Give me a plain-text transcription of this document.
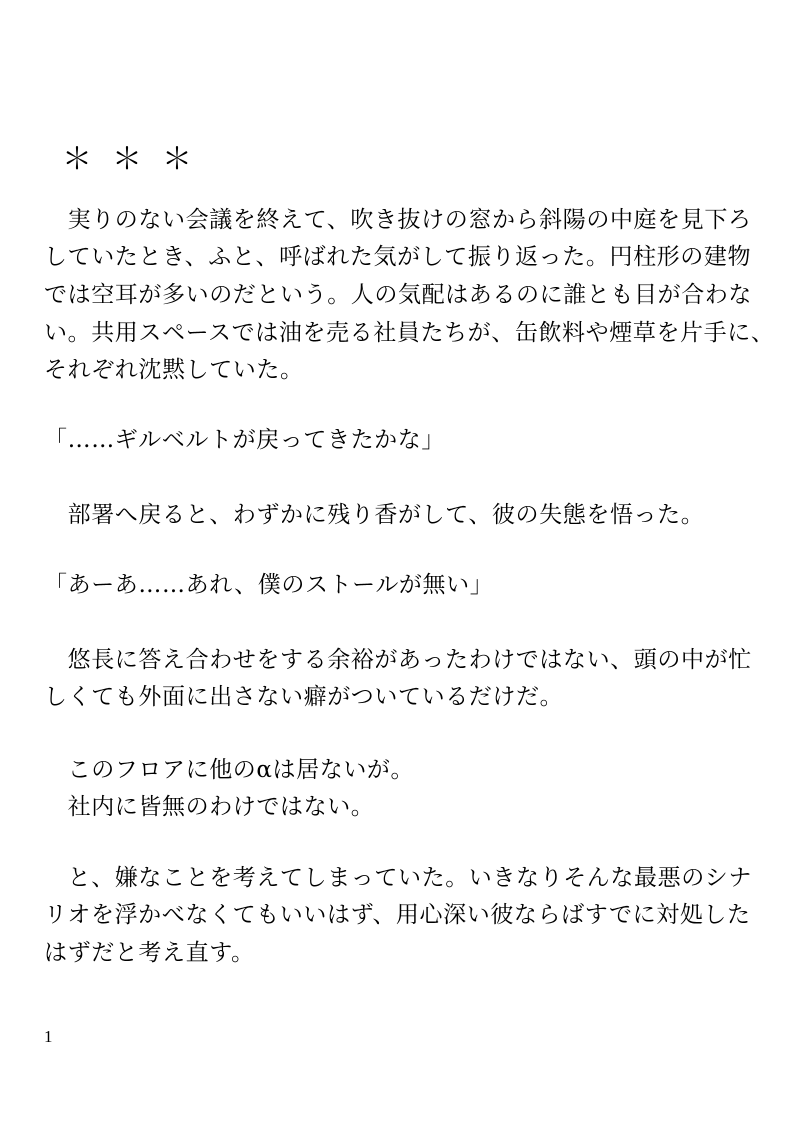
＊＊＊
　実りのない会議を終えて、吹き抜けの窓から斜陽の中庭を見下ろ
していたとき、ふと、呼ばれた気がして振り返った。円柱形の建物
では空耳が多いのだという。人の気配はあるのに誰とも目が合わな
い。共用スペースでは油を売る社員たちが、缶飲料や煙草を片手に、
それぞれ沈黙していた。
「……ギルベルトが戻ってきたかな」
　部署へ戻ると、わずかに残り香がして、彼の失態を悟った。
「あーあ……あれ、僕のストールが無い」
　悠長に答え合わせをする余裕があったわけではない、頭の中が忙
しくても外面に出さない癖がついているだけだ。
　このフロアに他のαは居ないが。
　社内に皆無のわけではない。
　と、嫌なことを考えてしまっていた。いきなりそんな最悪のシナ
リオを浮かべなくてもいいはず、用心深い彼ならばすでに対処した
はずだと考え直す。
1
